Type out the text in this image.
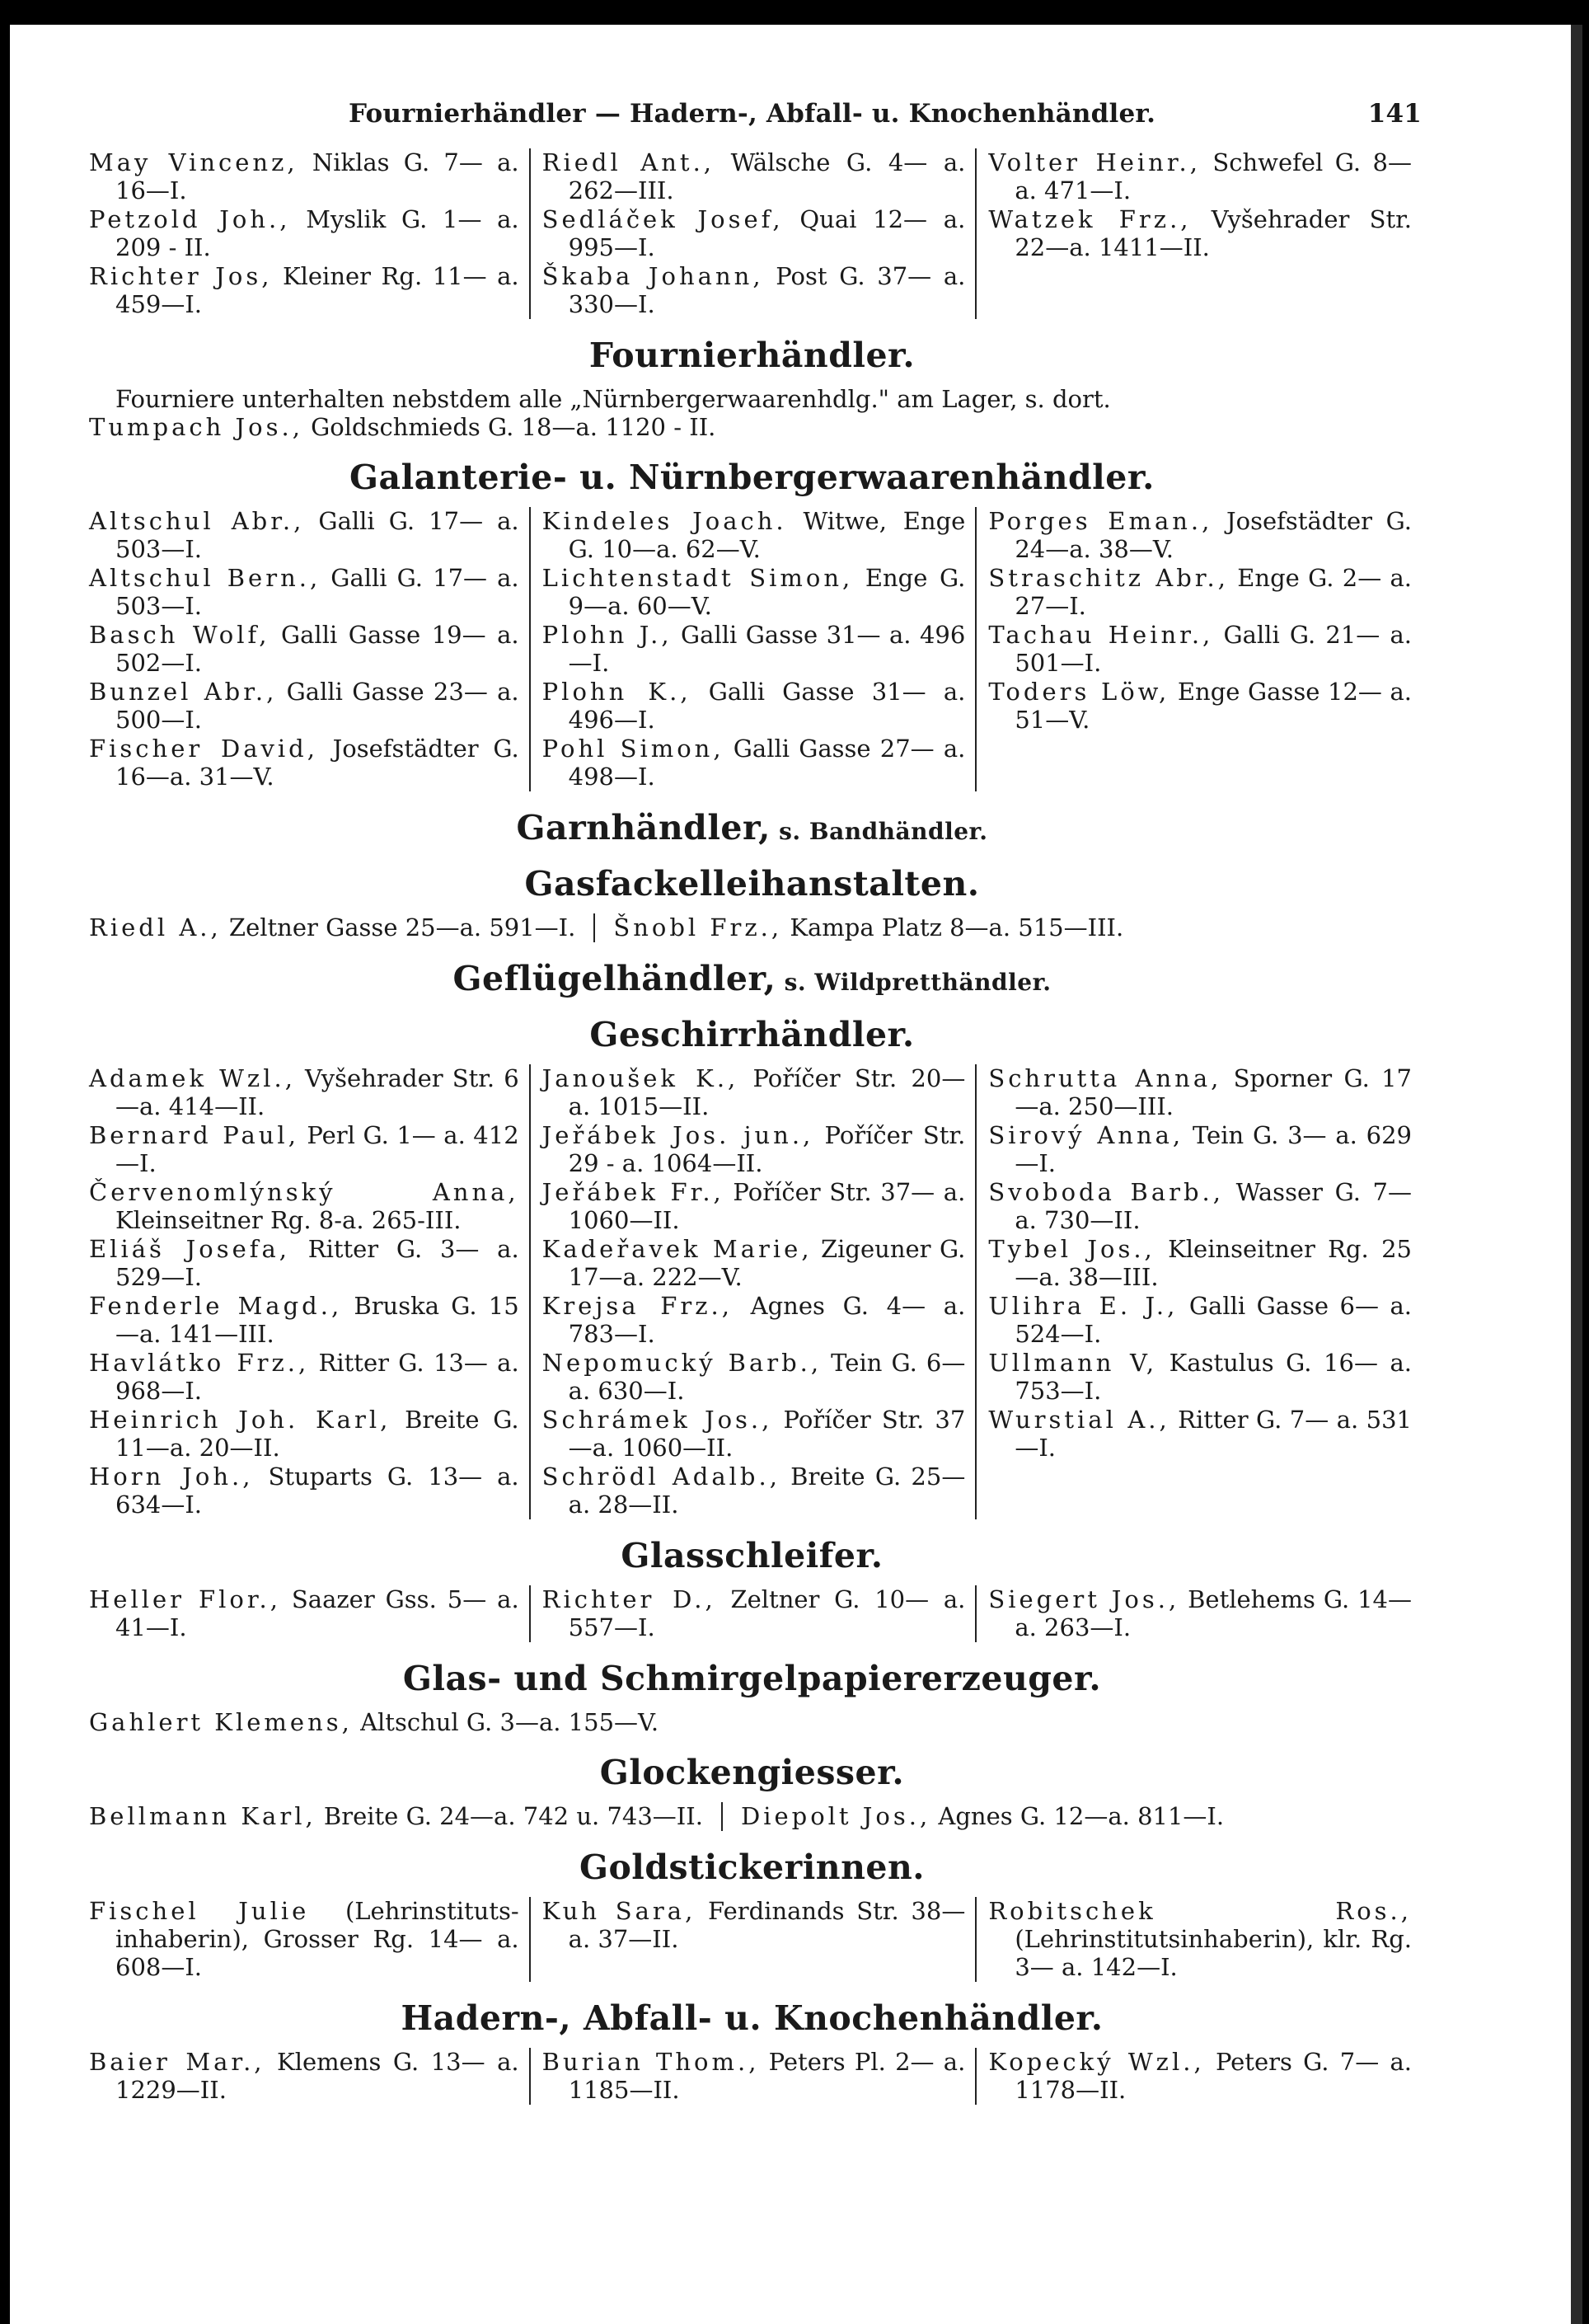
Fournierhändler — Hadern-, Abfall- u. Knochenhändler.	141
May Vincenz, Niklas G. 7— a. 16—I.
Petzold Joh., Myslik G. 1— a. 209 - II.
Richter Jos, Kleiner Rg. 11— a. 459—I.
Riedl Ant., Wälsche G. 4— a. 262—III.
Sedláček Josef, Quai 12— a. 995—I.
Škaba Johann, Post G. 37— a. 330—I.
Volter Heinr., Schwefel G. 8— a. 471—I.
Watzek Frz., Vyšehrader Str. 22—a. 1411—II.
Fournierhändler.
Fourniere unterhalten nebstdem alle „Nürnbergerwaarenhdlg." am Lager, s. dort.
Tumpach Jos., Goldschmieds G. 18—a. 1120 - II.
Galanterie- u. Nürnbergerwaarenhändler.
Altschul Abr., Galli G. 17— a. 503—I.
Altschul Bern., Galli G. 17— a. 503—I.
Basch Wolf, Galli Gasse 19— a. 502—I.
Bunzel Abr., Galli Gasse 23— a. 500—I.
Fischer David, Josefstädter G. 16—a. 31—V.
Kindeles Joach. Witwe, Enge G. 10—a. 62—V.
Lichtenstadt Simon, Enge G. 9—a. 60—V.
Plohn J., Galli Gasse 31— a. 496—I.
Plohn K., Galli Gasse 31— a. 496—I.
Pohl Simon, Galli Gasse 27— a. 498—I.
Porges Eman., Josefstädter G. 24—a. 38—V.
Straschitz Abr., Enge G. 2— a. 27—I.
Tachau Heinr., Galli G. 21— a. 501—I.
Toders Löw, Enge Gasse 12— a. 51—V.
Garnhändler, s. Bandhändler.
Gasfackelleihanstalten.
Riedl A., Zeltner Gasse 25—a. 591—I. Šnobl Frz., Kampa Platz 8—a. 515—III.
Geflügelhändler, s. Wildpretthändler.
Geschirrhändler.
Adamek Wzl., Vyšehrader Str. 6—a. 414—II.
Bernard Paul, Perl G. 1— a. 412—I.
Červenomlýnský Anna, Kleinseitner Rg. 8-a. 265-III.
Eliáš Josefa, Ritter G. 3— a. 529—I.
Fenderle Magd., Bruska G. 15—a. 141—III.
Havlátko Frz., Ritter G. 13— a. 968—I.
Heinrich Joh. Karl, Breite G. 11—a. 20—II.
Horn Joh., Stuparts G. 13— a. 634—I.
Janoušek K., Poříčer Str. 20— a. 1015—II.
Jeřábek Jos. jun., Poříčer Str. 29 - a. 1064—II.
Jeřábek Fr., Poříčer Str. 37— a. 1060—II.
Kadeřavek Marie, Zigeuner G. 17—a. 222—V.
Krejsa Frz., Agnes G. 4— a. 783—I.
Nepomucký Barb., Tein G. 6—a. 630—I.
Schrámek Jos., Poříčer Str. 37—a. 1060—II.
Schrödl Adalb., Breite G. 25— a. 28—II.
Schrutta Anna, Sporner G. 17—a. 250—III.
Sirový Anna, Tein G. 3— a. 629—I.
Svoboda Barb., Wasser G. 7—a. 730—II.
Tybel Jos., Kleinseitner Rg. 25—a. 38—III.
Ulihra E. J., Galli Gasse 6— a. 524—I.
Ullmann V, Kastulus G. 16— a. 753—I.
Wurstial A., Ritter G. 7— a. 531—I.
Glasschleifer.
Heller Flor., Saazer Gss. 5— a. 41—I.
Richter D., Zeltner G. 10— a. 557—I.
Siegert Jos., Betlehems G. 14—a. 263—I.
Glas- und Schmirgelpapiererzeuger.
Gahlert Klemens, Altschul G. 3—a. 155—V.
Glockengiesser.
Bellmann Karl, Breite G. 24—a. 742 u. 743—II. Diepolt Jos., Agnes G. 12—a. 811—I.
Goldstickerinnen.
Fischel Julie (Lehrinstituts-inhaberin), Grosser Rg. 14— a. 608—I.
Kuh Sara, Ferdinands Str. 38— a. 37—II.
Robitschek Ros., (Lehrinstitutsinhaberin), klr. Rg. 3— a. 142—I.
Hadern-, Abfall- u. Knochenhändler.
Baier Mar., Klemens G. 13— a. 1229—II.
Burian Thom., Peters Pl. 2— a. 1185—II.
Kopecký Wzl., Peters G. 7— a. 1178—II.
